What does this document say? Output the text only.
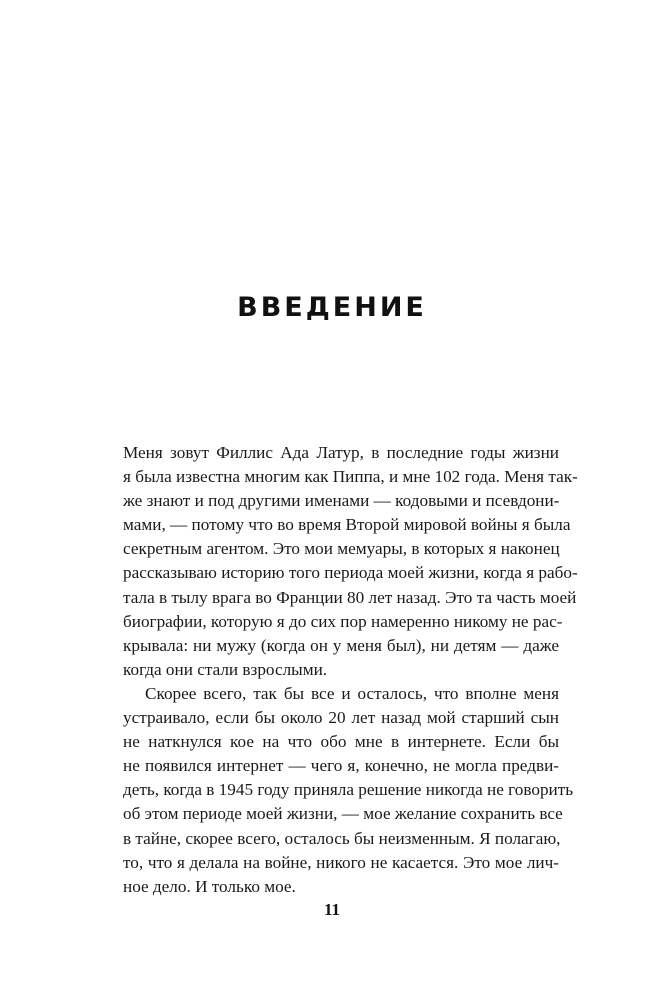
ВВЕДЕНИЕ
Меня зовут Филлис Ада Латур, в последние годы жизни
я была известна многим как Пиппа, и мне 102 года. Меня так-
же знают и под другими именами — кодовыми и псевдони-
мами, — потому что во время Второй мировой войны я была
секретным агентом. Это мои мемуары, в которых я наконец
рассказываю историю того периода моей жизни, когда я рабо-
тала в тылу врага во Франции 80 лет назад. Это та часть моей
биографии, которую я до сих пор намеренно никому не рас-
крывала: ни мужу (когда он у меня был), ни детям — даже
когда они стали взрослыми.
Скорее всего, так бы все и осталось, что вполне меня
устраивало, если бы около 20 лет назад мой старший сын
не наткнулся кое на что обо мне в интернете. Если бы
не появился интернет — чего я, конечно, не могла предви-
деть, когда в 1945 году приняла решение никогда не говорить
об этом периоде моей жизни, — мое желание сохранить все
в тайне, скорее всего, осталось бы неизменным. Я полагаю,
то, что я делала на войне, никого не касается. Это мое лич-
ное дело. И только мое.
11
